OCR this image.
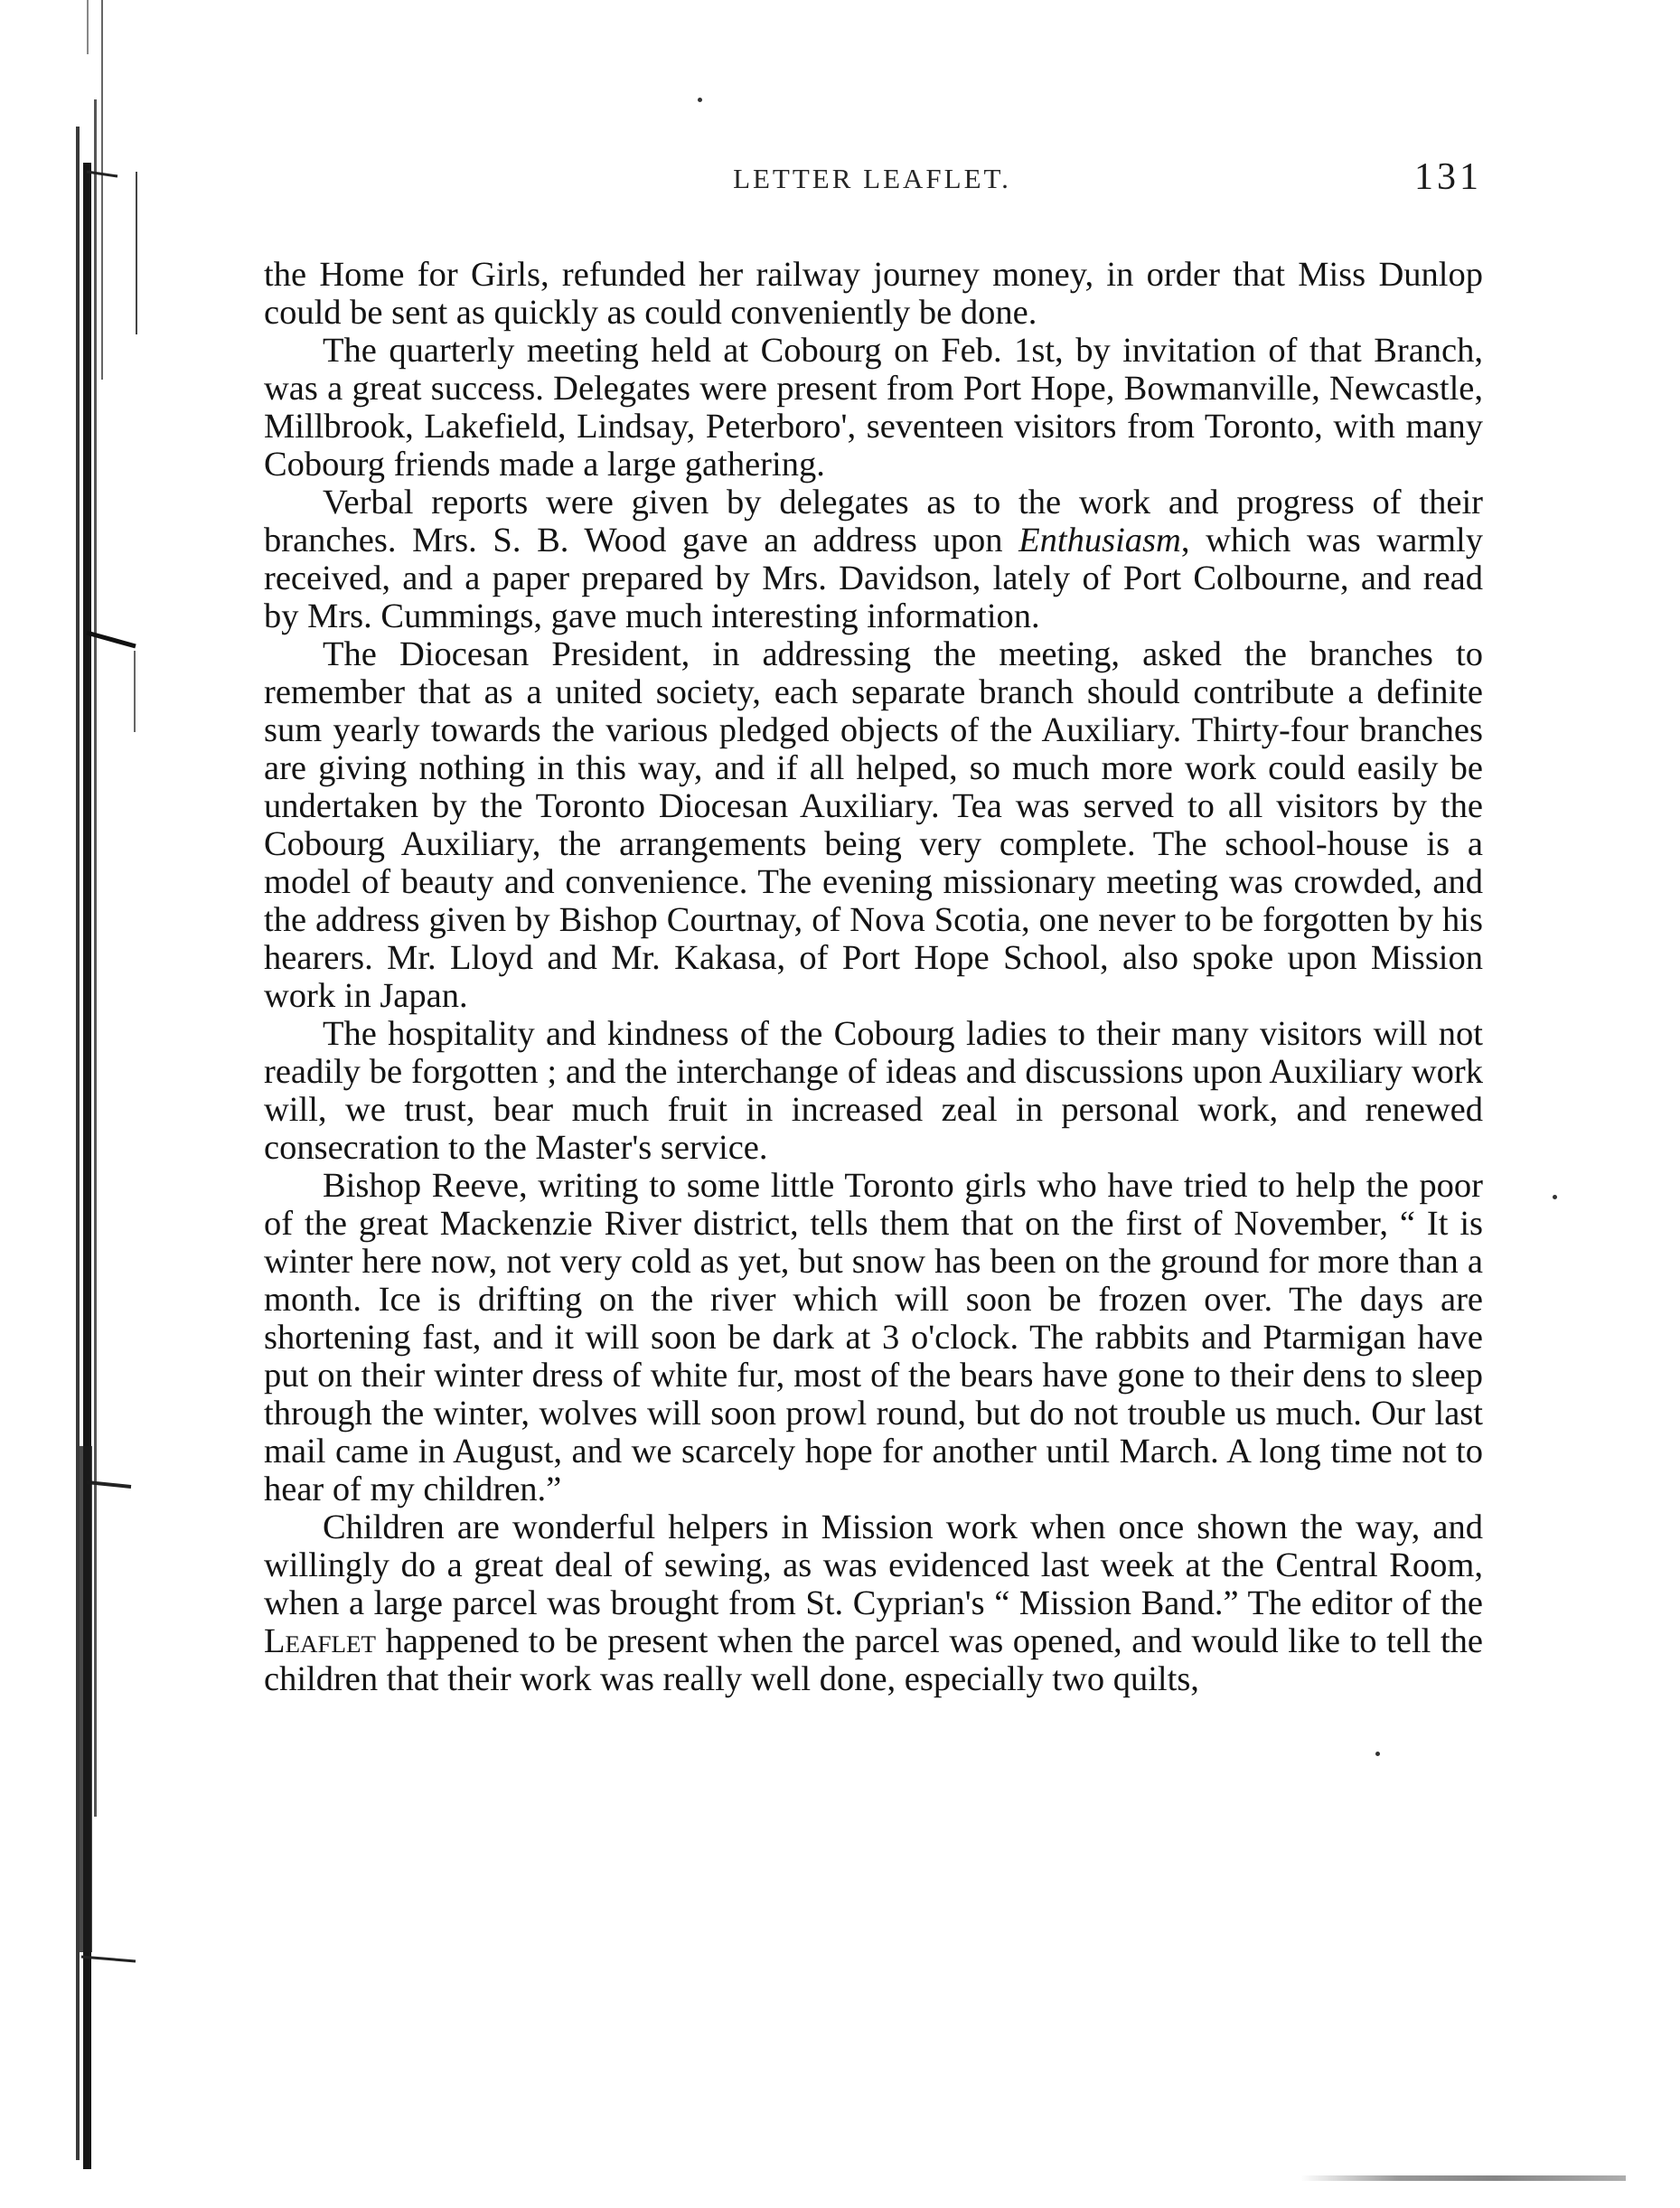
LETTER LEAFLET.	131

the Home for Girls, refunded her railway journey money, in order that Miss Dunlop could be sent as quickly as could conveniently be done.

The quarterly meeting held at Cobourg on Feb. 1st, by invitation of that Branch, was a great success. Delegates were present from Port Hope, Bowmanville, Newcastle, Millbrook, Lakefield, Lindsay, Peterboro', seventeen visitors from Toronto, with many Cobourg friends made a large gathering.

Verbal reports were given by delegates as to the work and progress of their branches. Mrs. S. B. Wood gave an address upon Enthusiasm, which was warmly received, and a paper prepared by Mrs. Davidson, lately of Port Colbourne, and read by Mrs. Cummings, gave much interesting information.

The Diocesan President, in addressing the meeting, asked the branches to remember that as a united society, each separate branch should contribute a definite sum yearly towards the various pledged objects of the Auxiliary. Thirty-four branches are giving nothing in this way, and if all helped, so much more work could easily be undertaken by the Toronto Diocesan Auxiliary. Tea was served to all visitors by the Cobourg Auxiliary, the arrangements being very complete. The school-house is a model of beauty and convenience. The evening missionary meeting was crowded, and the address given by Bishop Courtnay, of Nova Scotia, one never to be forgotten by his hearers. Mr. Lloyd and Mr. Kakasa, of Port Hope School, also spoke upon Mission work in Japan.

The hospitality and kindness of the Cobourg ladies to their many visitors will not readily be forgotten ; and the interchange of ideas and discussions upon Auxiliary work will, we trust, bear much fruit in increased zeal in personal work, and renewed consecration to the Master's service.

Bishop Reeve, writing to some little Toronto girls who have tried to help the poor of the great Mackenzie River district, tells them that on the first of November, “ It is winter here now, not very cold as yet, but snow has been on the ground for more than a month. Ice is drifting on the river which will soon be frozen over. The days are shortening fast, and it will soon be dark at 3 o'clock. The rabbits and Ptarmigan have put on their winter dress of white fur, most of the bears have gone to their dens to sleep through the winter, wolves will soon prowl round, but do not trouble us much. Our last mail came in August, and we scarcely hope for another until March. A long time not to hear of my children.”

Children are wonderful helpers in Mission work when once shown the way, and willingly do a great deal of sewing, as was evidenced last week at the Central Room, when a large parcel was brought from St. Cyprian's “ Mission Band.” The editor of the Leaflet happened to be present when the parcel was opened, and would like to tell the children that their work was really well done, especially two quilts,
